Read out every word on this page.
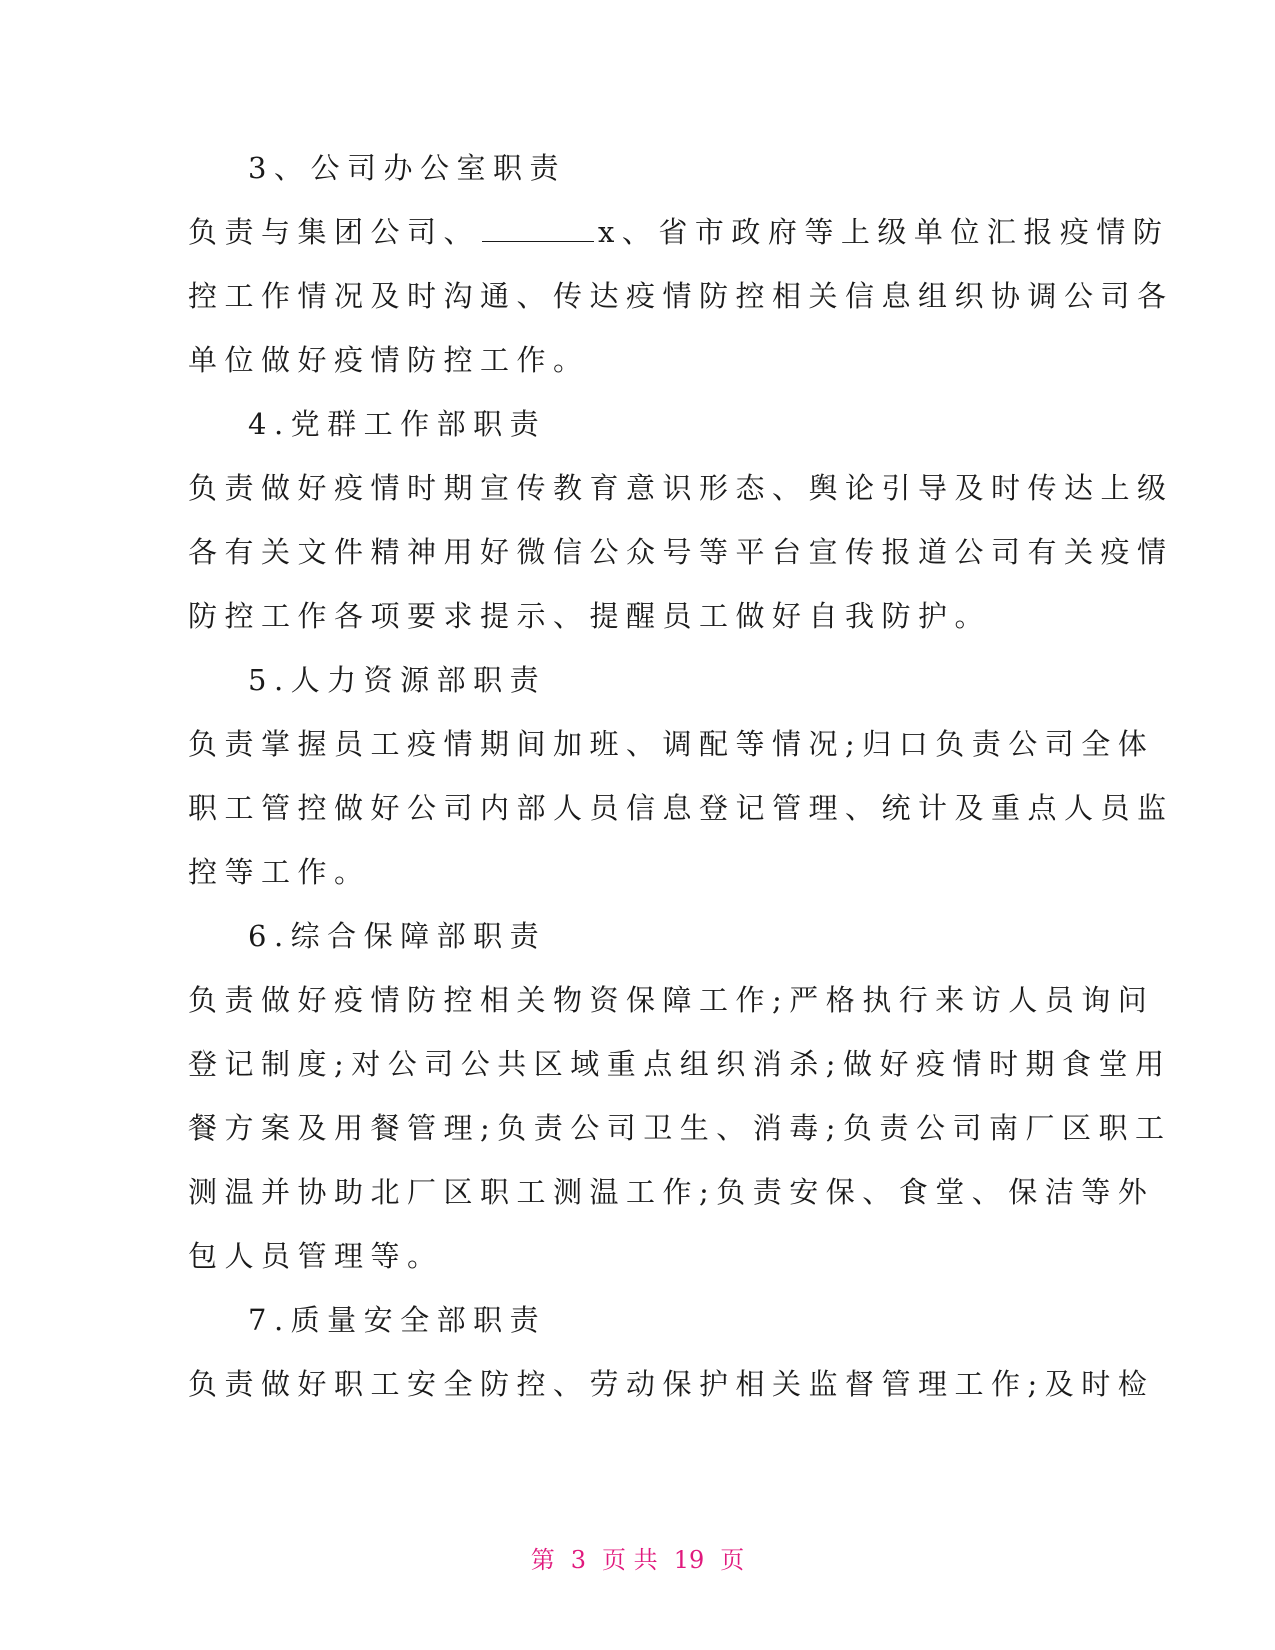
3、公司办公室职责
负责与集团公司、	x、省市政府等上级单位汇报疫情防
控工作情况及时沟通、传达疫情防控相关信息组织协调公司各
单位做好疫情防控工作。
4.党群工作部职责
负责做好疫情时期宣传教育意识形态、舆论引导及时传达上级
各有关文件精神用好微信公众号等平台宣传报道公司有关疫情
防控工作各项要求提示、提醒员工做好自我防护。
5.人力资源部职责
负责掌握员工疫情期间加班、调配等情况;归口负责公司全体
职工管控做好公司内部人员信息登记管理、统计及重点人员监
控等工作。
6.综合保障部职责
负责做好疫情防控相关物资保障工作;严格执行来访人员询问
登记制度;对公司公共区域重点组织消杀;做好疫情时期食堂用
餐方案及用餐管理;负责公司卫生、消毒;负责公司南厂区职工
测温并协助北厂区职工测温工作;负责安保、食堂、保洁等外
包人员管理等。
7.质量安全部职责
负责做好职工安全防控、劳动保护相关监督管理工作;及时检
第 3 页 共 19 页
